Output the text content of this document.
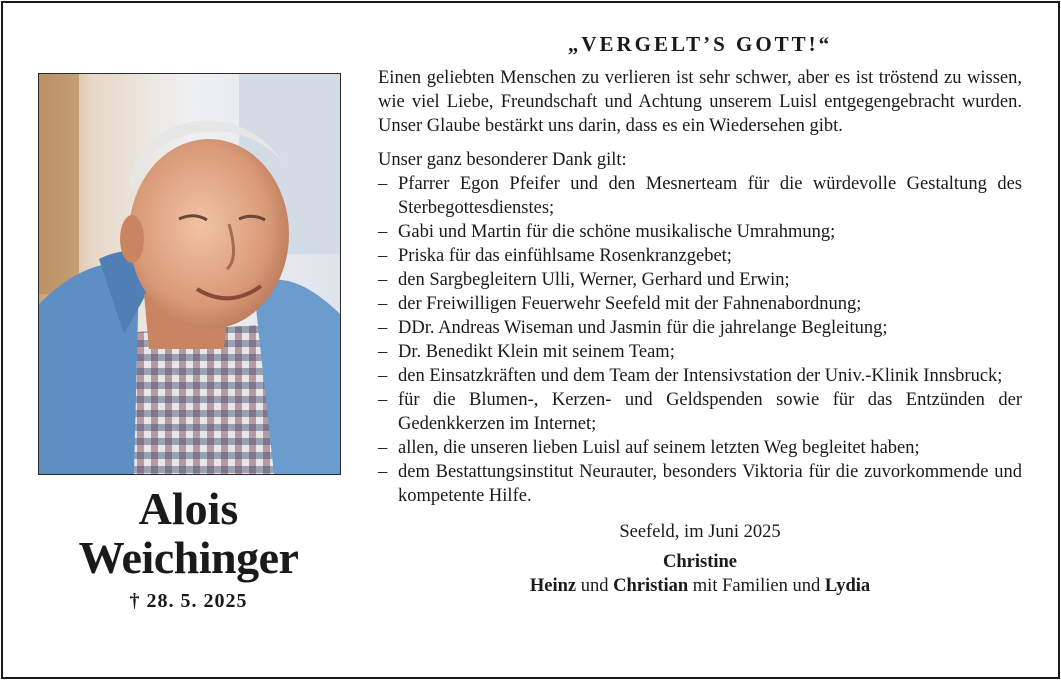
Alois
Weichinger
† 28. 5. 2025
„VERGELT’S GOTT!“

Einen geliebten Menschen zu verlieren ist sehr schwer, aber es ist tröstend zu wissen, wie viel Liebe, Freundschaft und Achtung unserem Luisl entgegengebracht wurden. Unser Glaube bestärkt uns darin, dass es ein Wiedersehen gibt.

Unser ganz besonderer Dank gilt:

– Pfarrer Egon Pfeifer und den Mesnerteam für die würdevolle Gestaltung des Sterbegottesdienstes;
– Gabi und Martin für die schöne musikalische Umrahmung;
– Priska für das einfühlsame Rosenkranzgebet;
– den Sargbegleitern Ulli, Werner, Gerhard und Erwin;
– der Freiwilligen Feuerwehr Seefeld mit der Fahnenabordnung;
– DDr. Andreas Wiseman und Jasmin für die jahrelange Begleitung;
– Dr. Benedikt Klein mit seinem Team;
– den Einsatzkräften und dem Team der Intensivstation der Univ.-Klinik Innsbruck;
– für die Blumen-, Kerzen- und Geldspenden sowie für das Entzünden der Gedenkkerzen im Internet;
– allen, die unseren lieben Luisl auf seinem letzten Weg begleitet haben;
– dem Bestattungsinstitut Neurauter, besonders Viktoria für die zuvorkommende und kompetente Hilfe.
Seefeld, im Juni 2025
Christine
Heinz und Christian mit Familien und Lydia
